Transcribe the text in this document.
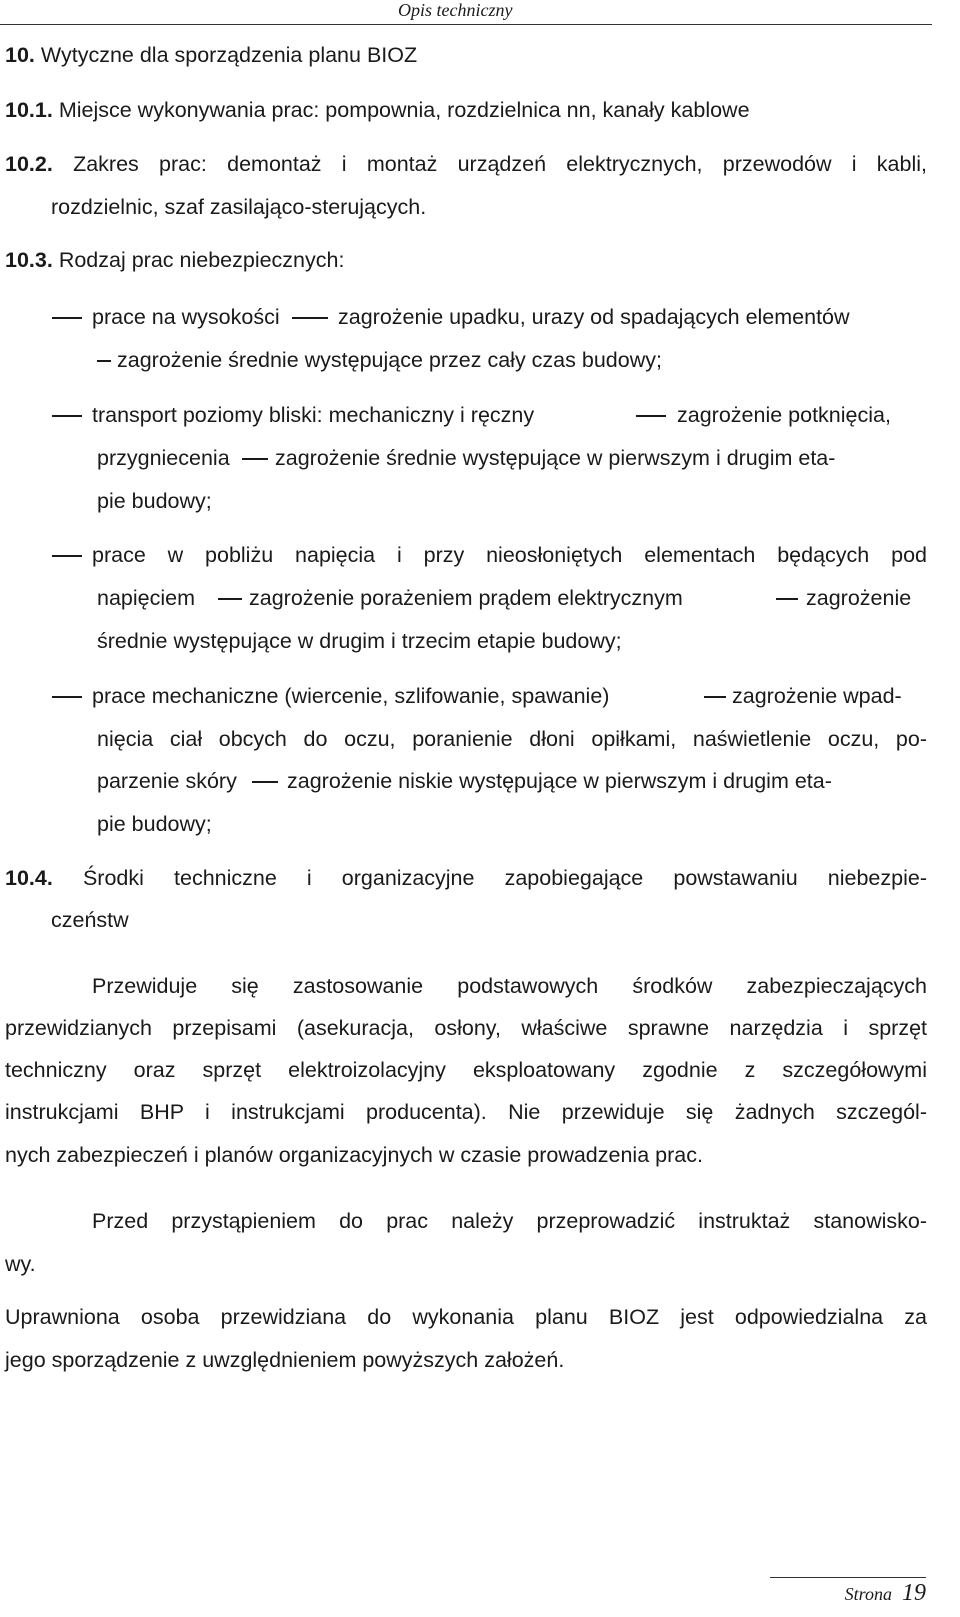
Opis techniczny
10. Wytyczne dla sporządzenia planu BIOZ
10.1. Miejsce wykonywania prac: pompownia, rozdzielnica nn, kanały kablowe
10.2. Zakres prac: demontaż i montaż urządzeń elektrycznych, przewodów i kabli,
rozdzielnic, szaf zasilająco-sterujących.
10.3. Rodzaj prac niebezpiecznych:
prace na wysokości	zagrożenie upadku, urazy od spadających elementów
zagrożenie średnie występujące przez cały czas budowy;
transport poziomy bliski: mechaniczny i ręczny	zagrożenie potknięcia,
przygniecenia zagrożenie średnie występujące w pierwszym i drugim eta-
pie budowy;
prace w pobliżu napięcia i przy nieosłoniętych elementach będących pod
napięciem	zagrożenie porażeniem prądem elektrycznym	zagrożenie
średnie występujące w drugim i trzecim etapie budowy;
prace mechaniczne (wiercenie, szlifowanie, spawanie)	zagrożenie wpad-
nięcia ciał obcych do oczu, poranienie dłoni opiłkami, naświetlenie oczu, po-
parzenie skóry zagrożenie niskie występujące w pierwszym i drugim eta-
pie budowy;
10.4. Środki techniczne i organizacyjne zapobiegające powstawaniu niebezpie-
czeństw
Przewiduje się zastosowanie podstawowych środków zabezpieczających
przewidzianych przepisami (asekuracja, osłony, właściwe sprawne narzędzia i sprzęt
techniczny oraz sprzęt elektroizolacyjny eksploatowany zgodnie z szczegółowymi
instrukcjami BHP i instrukcjami producenta). Nie przewiduje się żadnych szczegól-
nych zabezpieczeń i planów organizacyjnych w czasie prowadzenia prac.
Przed przystąpieniem do prac należy przeprowadzić instruktaż stanowisko-
wy.
Uprawniona osoba przewidziana do wykonania planu BIOZ jest odpowiedzialna za
jego sporządzenie z uwzględnieniem powyższych założeń.
Strona 19
